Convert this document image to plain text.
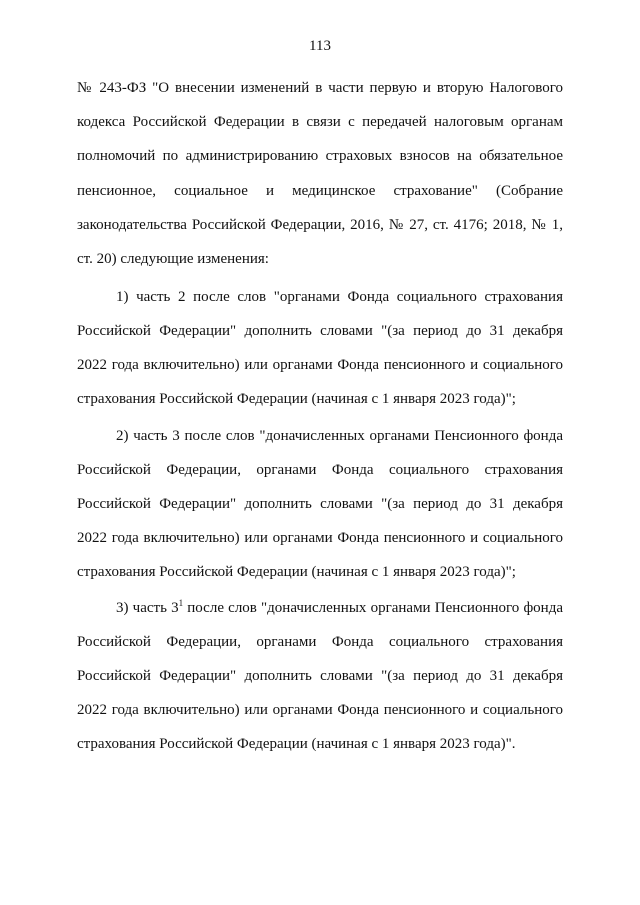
113
№ 243-ФЗ "О внесении изменений в части первую и вторую Налогового
кодекса Российской Федерации в связи с передачей налоговым органам
полномочий по администрированию страховых взносов на обязательное
пенсионное, социальное и медицинское страхование" (Собрание
законодательства Российской Федерации, 2016, № 27, ст. 4176; 2018, № 1,
ст. 20) следующие изменения:
1) часть 2 после слов "органами Фонда социального страхования
Российской Федерации" дополнить словами "(за период до 31 декабря
2022 года включительно) или органами Фонда пенсионного и социального
страхования Российской Федерации (начиная с 1 января 2023 года)";
2) часть 3 после слов "доначисленных органами Пенсионного фонда
Российской Федерации, органами Фонда социального страхования
Российской Федерации" дополнить словами "(за период до 31 декабря
2022 года включительно) или органами Фонда пенсионного и социального
страхования Российской Федерации (начиная с 1 января 2023 года)";
3) часть $3^1$ после слов "доначисленных органами Пенсионного фонда
Российской Федерации, органами Фонда социального страхования
Российской Федерации" дополнить словами "(за период до 31 декабря
2022 года включительно) или органами Фонда пенсионного и социального
страхования Российской Федерации (начиная с 1 января 2023 года)".
